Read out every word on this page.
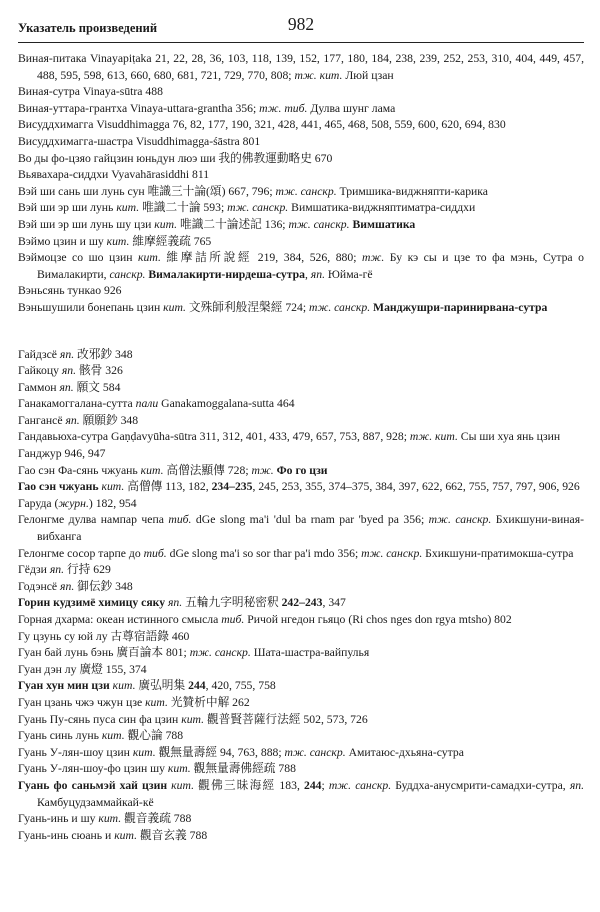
Указатель произведений	982
Виная-питака Vinayapiṭaka 21, 22, 28, 36, 103, 118, 139, 152, 177, 180, 184, 238, 239, 252, 253, 310, 404, 449, 457, 488, 595, 598, 613, 660, 680, 681, 721, 729, 770, 808; тж. кит. Люй цзан
Виная-сутра Vinaya-sūtra 488
Виная-уттара-грантха Vinaya-uttara-grantha 356; тж. тиб. Дулва шунг лама
Висуддхимагга Visuddhimagga 76, 82, 177, 190, 321, 428, 441, 465, 468, 508, 559, 600, 620, 694, 830
Висуддхимагга-шастра Visuddhimagga-śāstra 801
Во ды фо-цзяо гайцзин юньдун люэ ши 我的佛教運動略史 670
Вьявахара-сиддхи Vyavahārasiddhi 811
Вэй ши сань ши лунь сун 唯識三十論(頌) 667, 796; тж. санскр. Тримшика-виджняпти-карика
Вэй ши эр ши лунь кит. 唯識二十論 593; тж. санскр. Вимшатика-виджняптиматра-сиддхи
Вэй ши эр ши лунь шу цзи кит. 唯識二十論述記 136; тж. санскр. Вимшатика
Вэймо цзин и шу кит. 維摩經義疏 765
Вэймоцзе со шо цзин кит. 維摩詰所說經 219, 384, 526, 880; тж. Бу кэ сы и цзе то фа мэнь, Сутра о Вималакирти, санскр. Вималакирти-нирдеша-сутра, яп. Юйма-гё
Вэньсянь тункао 926
Вэньшушили бонепань цзин кит. 文殊師利般涅槃經 724; тж. санскр. Манджушри-паринирвана-сутра
Гайдзсё яп. 改邪鈔 348
Гайкоцу яп. 骸骨 326
Гаммон яп. 願文 584
Ганакамоггалана-сутта пали Ganakamoggalana-sutta 464
Гангансё яп. 願願鈔 348
Гандавьюха-сутра Gaṇḍavyūha-sūtra 311, 312, 401, 433, 479, 657, 753, 887, 928; тж. кит. Сы ши хуа янь цзин
Ганджур 946, 947
Гао сэн Фа-сянь чжуань кит. 高僧法顯傳 728; тж. Фо го цзи
Гао сэн чжуань кит. 高僧傳 113, 182, 234–235, 245, 253, 355, 374–375, 384, 397, 622, 662, 755, 757, 797, 906, 926
Гаруда (журн.) 182, 954
Гелонгме дулва нампар чепа тиб. dGe slong ma'i 'dul ba rnam par 'byed pa 356; тж. санскр. Бхикшуни-виная-вибханга
Гелонгме сосор тарпе до тиб. dGe slong ma'i so sor thar pa'i mdo 356; тж. санскр. Бхикшуни-пратимокша-сутра
Гёдзи яп. 行持 629
Годэнсё яп. 御伝鈔 348
Горин кудзимё химицу сяку яп. 五輪九字明秘密釈 242–243, 347
Горная дхарма: океан истинного смысла тиб. Ричой нгедон гьяцо (Ri chos nges don rgya mtsho) 802
Гу цзунь су юй лу 古尊宿語錄 460
Гуан бай лунь бэнь 廣百論本 801; тж. санскр. Шата-шастра-вайпулья
Гуан дэн лу 廣燈 155, 374
Гуан хун мин цзи кит. 廣弘明集 244, 420, 755, 758
Гуан цзань чжэ чжун цзе кит. 光贊析中解 262
Гуань Пу-сянь пуса син фа цзин кит. 觀普賢菩薩行法經 502, 573, 726
Гуань синь лунь кит. 觀心論 788
Гуань У-лян-шоу цзин кит. 觀無量壽經 94, 763, 888; тж. санскр. Амитаюс-дхьяна-сутра
Гуань У-лян-шоу-фо цзин шу кит. 觀無量壽佛經疏 788
Гуань фо саньмэй хай цзин кит. 觀佛三昧海經 183, 244; тж. санскр. Буддха-анусмрити-самадхи-сутра, яп. Камбуцудзаммайкай-кё
Гуань-инь и шу кит. 觀音義疏 788
Гуань-инь сюань и кит. 觀音玄義 788
